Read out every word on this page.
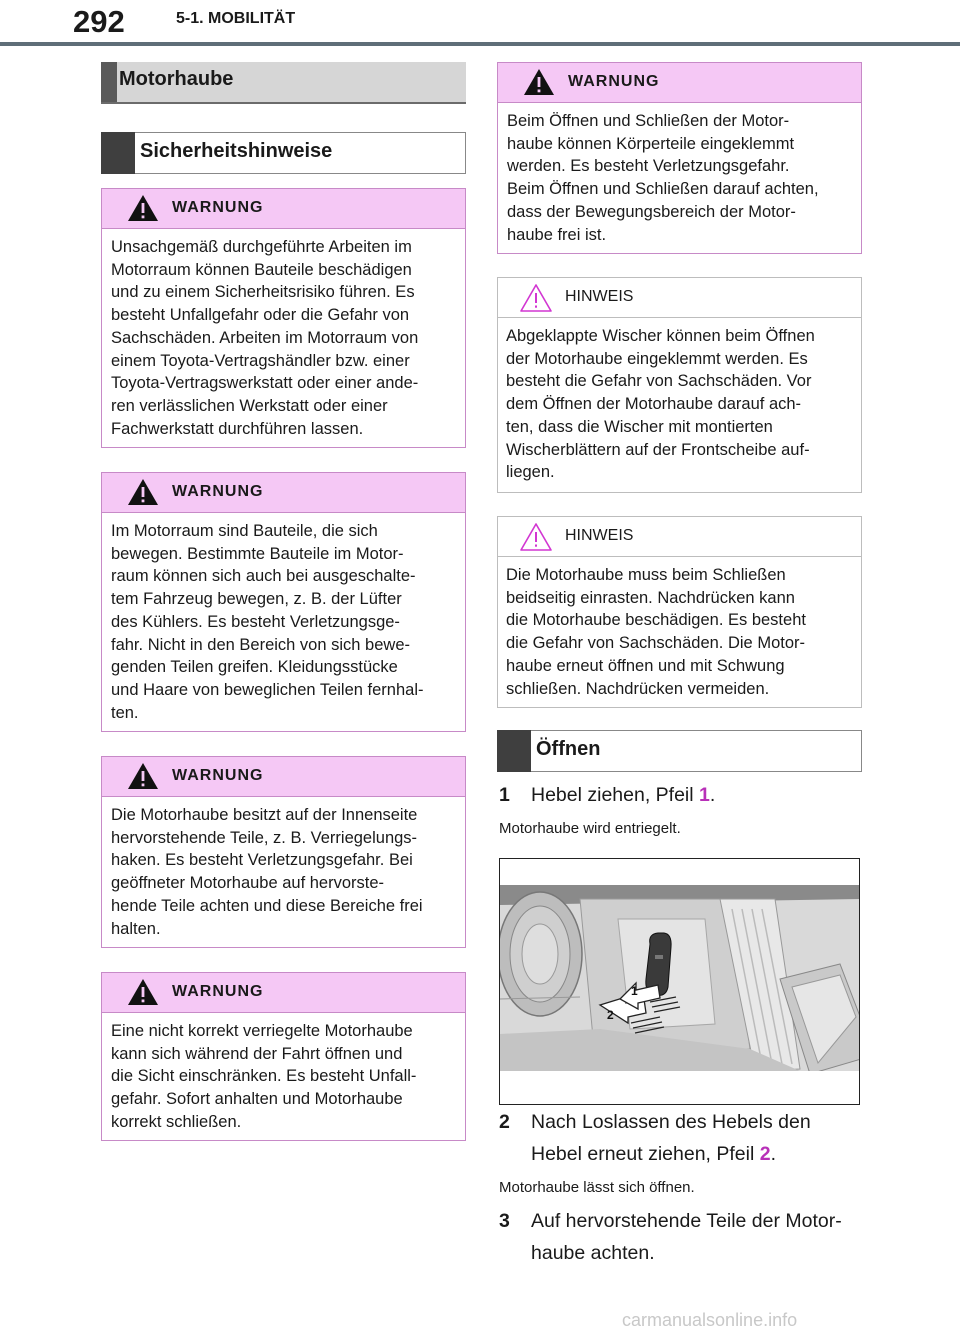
292	5-1. MOBILITÄT
Motorhaube
Sicherheitshinweise
WARNUNG
Unsachgemäß durchgeführte Arbeiten im
Motorraum können Bauteile beschädigen
und zu einem Sicherheitsrisiko führen. Es
besteht Unfallgefahr oder die Gefahr von
Sachschäden. Arbeiten im Motorraum von
einem Toyota-Vertragshändler bzw. einer
Toyota-Vertragswerkstatt oder einer ande-
ren verlässlichen Werkstatt oder einer
Fachwerkstatt durchführen lassen.
WARNUNG
Im Motorraum sind Bauteile, die sich
bewegen. Bestimmte Bauteile im Motor-
raum können sich auch bei ausgeschalte-
tem Fahrzeug bewegen, z. B. der Lüfter
des Kühlers. Es besteht Verletzungsge-
fahr. Nicht in den Bereich von sich bewe-
genden Teilen greifen. Kleidungsstücke
und Haare von beweglichen Teilen fernhal-
ten.
WARNUNG
Die Motorhaube besitzt auf der Innenseite
hervorstehende Teile, z. B. Verriegelungs-
haken. Es besteht Verletzungsgefahr. Bei
geöffneter Motorhaube auf hervorste-
hende Teile achten und diese Bereiche frei
halten.
WARNUNG
Eine nicht korrekt verriegelte Motorhaube
kann sich während der Fahrt öffnen und
die Sicht einschränken. Es besteht Unfall-
gefahr. Sofort anhalten und Motorhaube
korrekt schließen.
WARNUNG
Beim Öffnen und Schließen der Motor-
haube können Körperteile eingeklemmt
werden. Es besteht Verletzungsgefahr.
Beim Öffnen und Schließen darauf achten,
dass der Bewegungsbereich der Motor-
haube frei ist.
HINWEIS
Abgeklappte Wischer können beim Öffnen
der Motorhaube eingeklemmt werden. Es
besteht die Gefahr von Sachschäden. Vor
dem Öffnen der Motorhaube darauf ach-
ten, dass die Wischer mit montierten
Wischerblättern auf der Frontscheibe auf-
liegen.
HINWEIS
Die Motorhaube muss beim Schließen
beidseitig einrasten. Nachdrücken kann
die Motorhaube beschädigen. Es besteht
die Gefahr von Sachschäden. Die Motor-
haube erneut öffnen und mit Schwung
schließen. Nachdrücken vermeiden.
Öffnen
1 Hebel ziehen, Pfeil 1.
Motorhaube wird entriegelt.
1
2
2 Nach Loslassen des Hebels den
Hebel erneut ziehen, Pfeil 2.
Motorhaube lässt sich öffnen.
3 Auf hervorstehende Teile der Motor-
haube achten.
carmanualsonline.info
